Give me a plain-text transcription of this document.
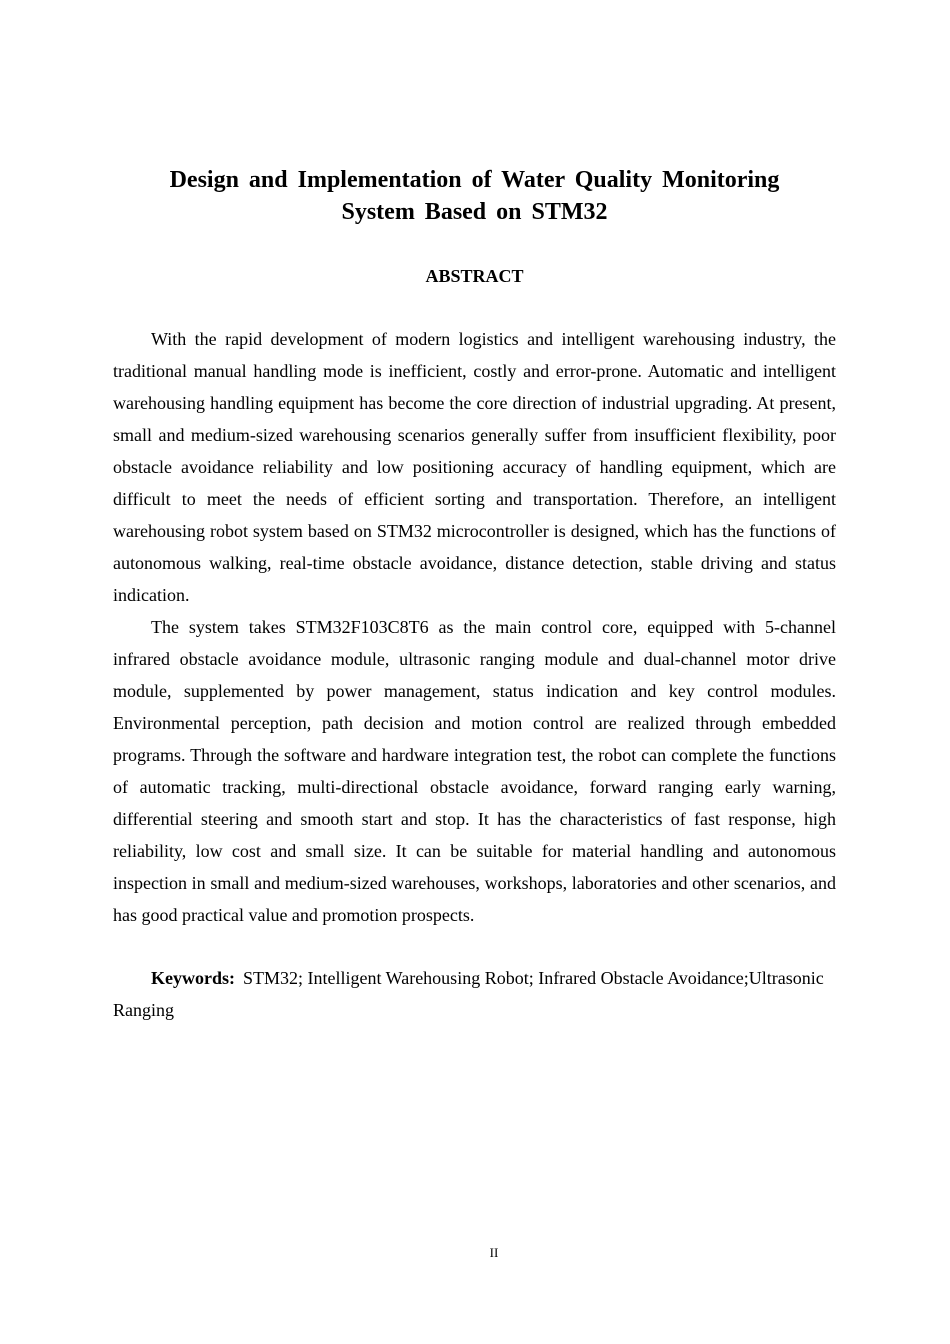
Design and Implementation of Water Quality Monitoring
System Based on STM32
ABSTRACT

With the rapid development of modern logistics and intelligent warehousing industry, the traditional manual handling mode is inefficient, costly and error-prone. Automatic and intelligent warehousing handling equipment has become the core direction of industrial upgrading. At present, small and medium-sized warehousing scenarios generally suffer from insufficient flexibility, poor obstacle avoidance reliability and low positioning accuracy of handling equipment, which are difficult to meet the needs of efficient sorting and transportation. Therefore, an intelligent warehousing robot system based on STM32 microcontroller is designed, which has the functions of autonomous walking, real-time obstacle avoidance, distance detection, stable driving and status indication.

The system takes STM32F103C8T6 as the main control core, equipped with 5-channel infrared obstacle avoidance module, ultrasonic ranging module and dual-channel motor drive module, supplemented by power management, status indication and key control modules. Environmental perception, path decision and motion control are realized through embedded programs. Through the software and hardware integration test, the robot can complete the functions of automatic tracking, multi-directional obstacle avoidance, forward ranging early warning, differential steering and smooth start and stop. It has the characteristics of fast response, high reliability, low cost and small size. It can be suitable for material handling and autonomous inspection in small and medium-sized warehouses, workshops, laboratories and other scenarios, and has good practical value and promotion prospects.

Keywords: STM32; Intelligent Warehousing Robot; Infrared Obstacle Avoidance;Ultrasonic Ranging

II
